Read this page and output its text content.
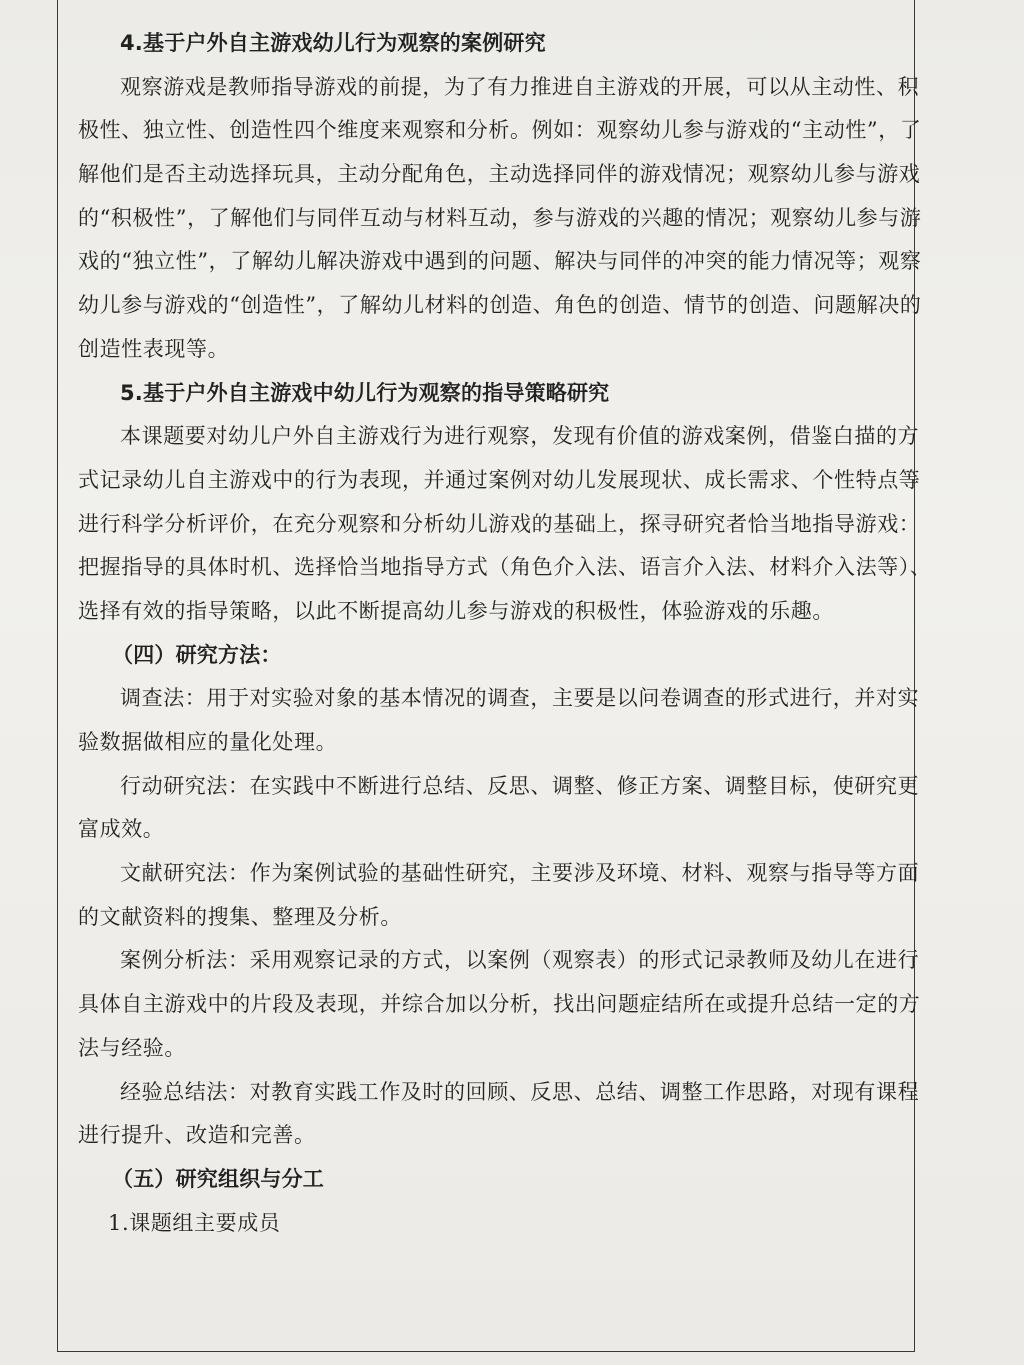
4.基于户外自主游戏幼儿行为观察的案例研究
观察游戏是教师指导游戏的前提，为了有力推进自主游戏的开展，可以从主动性、积
极性、独立性、创造性四个维度来观察和分析。例如：观察幼儿参与游戏的“主动性”，了
解他们是否主动选择玩具，主动分配角色，主动选择同伴的游戏情况；观察幼儿参与游戏
的“积极性”，了解他们与同伴互动与材料互动，参与游戏的兴趣的情况；观察幼儿参与游
戏的“独立性”，了解幼儿解决游戏中遇到的问题、解决与同伴的冲突的能力情况等；观察
幼儿参与游戏的“创造性”，了解幼儿材料的创造、角色的创造、情节的创造、问题解决的
创造性表现等。
5.基于户外自主游戏中幼儿行为观察的指导策略研究
本课题要对幼儿户外自主游戏行为进行观察，发现有价值的游戏案例，借鉴白描的方
式记录幼儿自主游戏中的行为表现，并通过案例对幼儿发展现状、成长需求、个性特点等
进行科学分析评价，在充分观察和分析幼儿游戏的基础上，探寻研究者恰当地指导游戏：
把握指导的具体时机、选择恰当地指导方式（角色介入法、语言介入法、材料介入法等）、
选择有效的指导策略，以此不断提高幼儿参与游戏的积极性，体验游戏的乐趣。
（四）研究方法：
调查法：用于对实验对象的基本情况的调查，主要是以问卷调查的形式进行，并对实
验数据做相应的量化处理。
行动研究法：在实践中不断进行总结、反思、调整、修正方案、调整目标，使研究更
富成效。
文献研究法：作为案例试验的基础性研究，主要涉及环境、材料、观察与指导等方面
的文献资料的搜集、整理及分析。
案例分析法：采用观察记录的方式，以案例（观察表）的形式记录教师及幼儿在进行
具体自主游戏中的片段及表现，并综合加以分析，找出问题症结所在或提升总结一定的方
法与经验。
经验总结法：对教育实践工作及时的回顾、反思、总结、调整工作思路，对现有课程
进行提升、改造和完善。
（五）研究组织与分工
1.课题组主要成员
